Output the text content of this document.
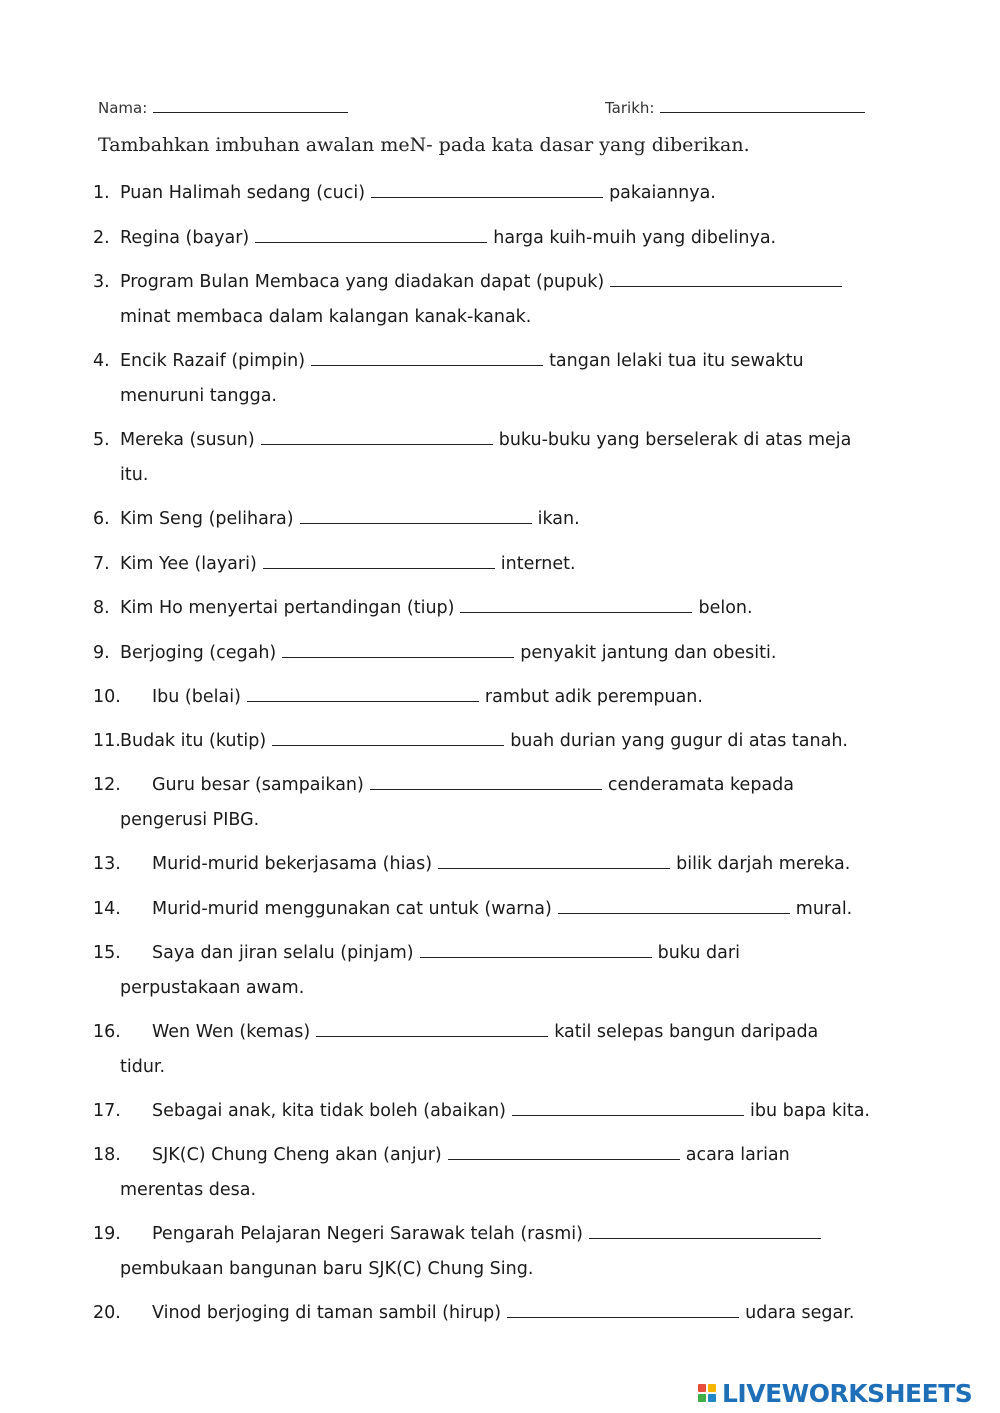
Nama:	Tarikh:
Tambahkan imbuhan awalan meN- pada kata dasar yang diberikan.
1. Puan Halimah sedang (cuci)	pakaiannya.
2. Regina (bayar)	harga kuih-muih yang dibelinya.
3. Program Bulan Membaca yang diadakan dapat (pupuk)
minat membaca dalam kalangan kanak-kanak.
4. Encik Razaif (pimpin)	tangan lelaki tua itu sewaktu
menuruni tangga.
5. Mereka (susun)	buku-buku yang berselerak di atas meja
itu.
6. Kim Seng (pelihara)	ikan.
7. Kim Yee (layari)	internet.
8. Kim Ho menyertai pertandingan (tiup)	belon.
9. Berjoging (cegah)	penyakit jantung dan obesiti.
10. Ibu (belai)	rambut adik perempuan.
11.Budak itu (kutip)	buah durian yang gugur di atas tanah.
12. Guru besar (sampaikan)	cenderamata kepada
pengerusi PIBG.
13. Murid-murid bekerjasama (hias)	bilik darjah mereka.
14. Murid-murid menggunakan cat untuk (warna)	mural.
15. Saya dan jiran selalu (pinjam)	buku dari
perpustakaan awam.
16. Wen Wen (kemas)	katil selepas bangun daripada
tidur.
17. Sebagai anak, kita tidak boleh (abaikan)	ibu bapa kita.
18. SJK(C) Chung Cheng akan (anjur)	acara larian
merentas desa.
19. Pengarah Pelajaran Negeri Sarawak telah (rasmi)
pembukaan bangunan baru SJK(C) Chung Sing.
20. Vinod berjoging di taman sambil (hirup)	udara segar.
LIVEWORKSHEETS
